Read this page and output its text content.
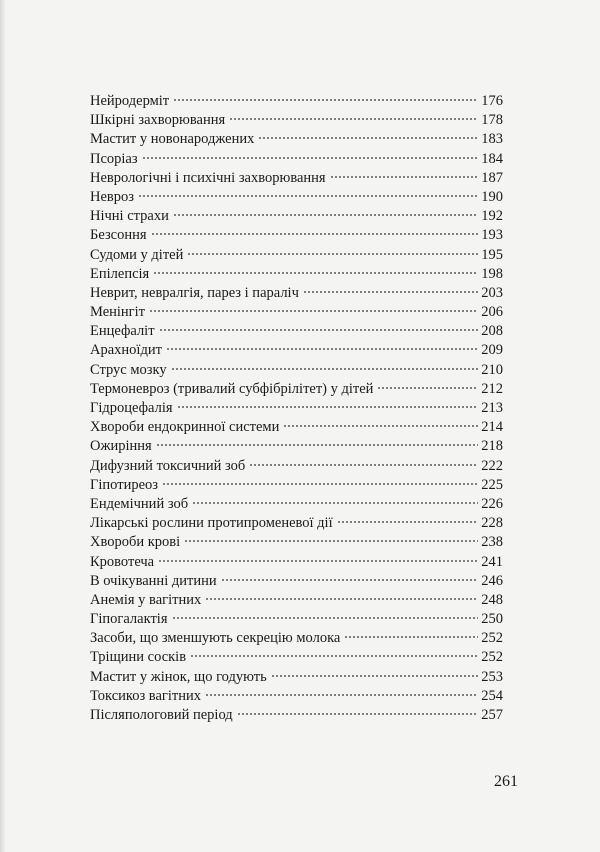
Нейродерміт	176
Шкірні захворювання	178
Мастит у новонароджених	183
Псоріаз	184
Неврологічні і психічні захворювання	187
Невроз	190
Нічні страхи	192
Безсоння	193
Судоми у дітей	195
Епілепсія	198
Неврит, невралгія, парез і параліч	203
Менінгіт	206
Енцефаліт	208
Арахноїдит	209
Струс мозку	210
Термоневроз (тривалий субфібрілітет) у дітей	212
Гідроцефалія	213
Хвороби ендокринної системи	214
Ожиріння	218
Дифузний токсичний зоб	222
Гіпотиреоз	225
Ендемічний зоб	226
Лікарські рослини протипроменевої дії	228
Хвороби крові	238
Кровотеча	241
В очікуванні дитини	246
Анемія у вагітних	248
Гіпогалактія	250
Засоби, що зменшують секрецію молока	252
Тріщини сосків	252
Мастит у жінок, що годують	253
Токсикоз вагітних	254
Післяпологовий період	257
261
